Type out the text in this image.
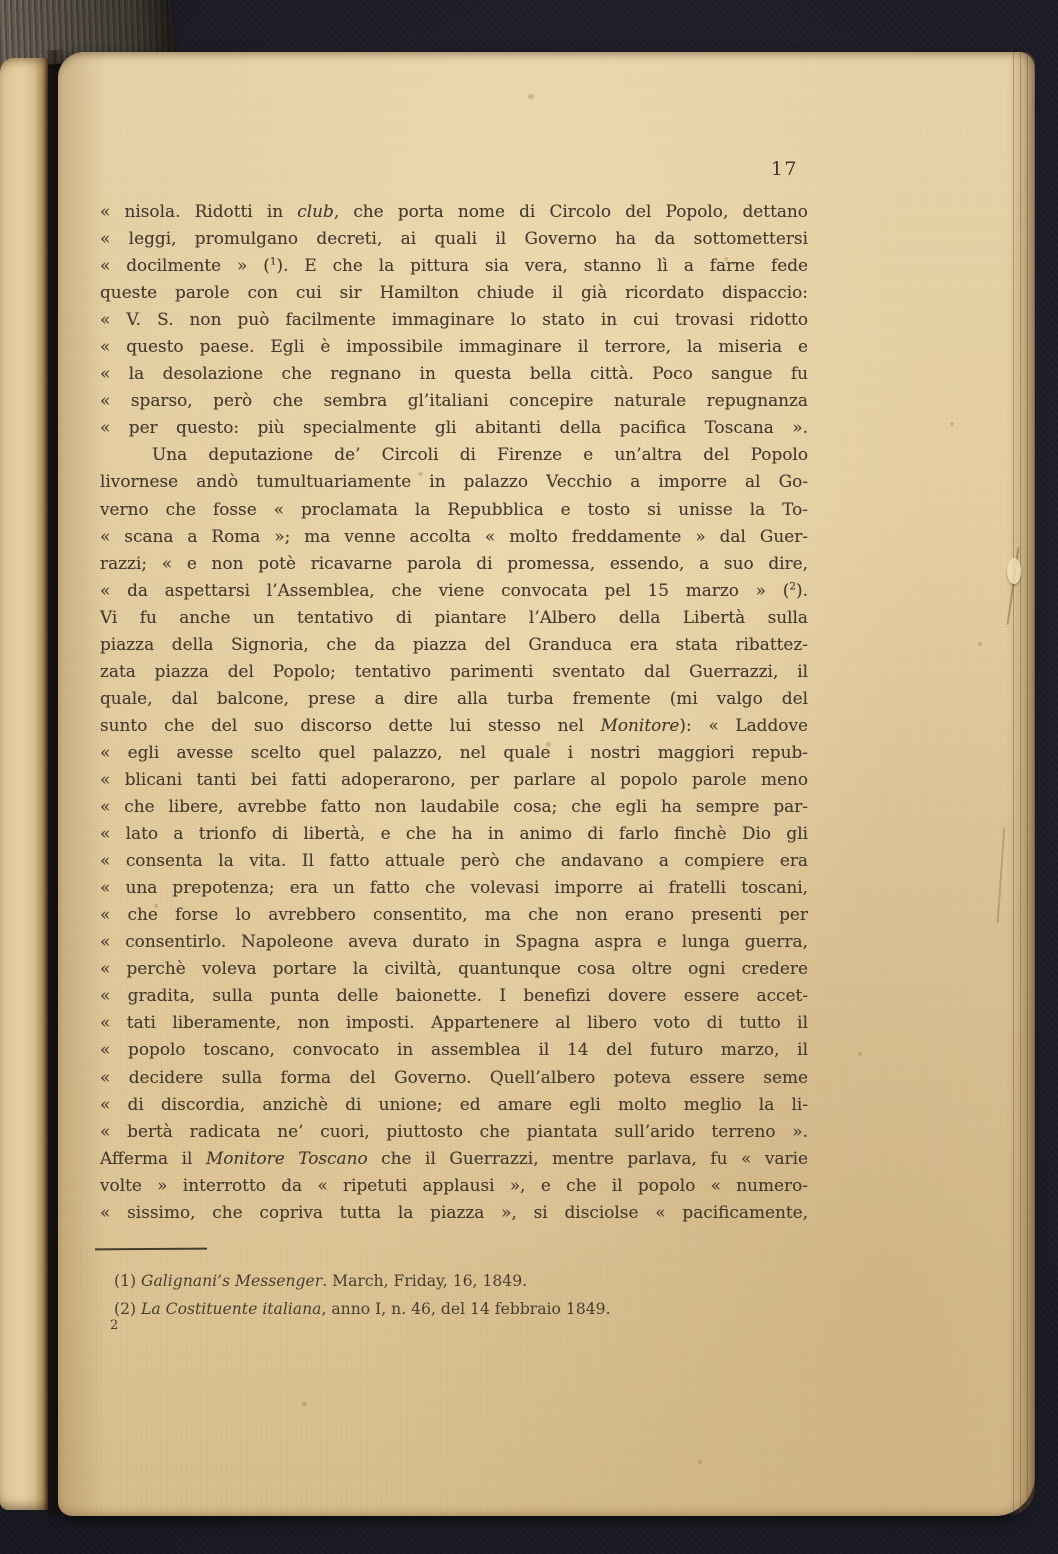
17
« nisola. Ridotti in club, che porta nome di Circolo del Popolo, dettano
« leggi, promulgano decreti, ai quali il Governo ha da sottomettersi
« docilmente » ($^1$). E che la pittura sia vera, stanno lì a farne fede
queste parole con cui sir Hamilton chiude il già ricordato dispaccio:
« V. S. non può facilmente immaginare lo stato in cui trovasi ridotto
« questo paese. Egli è impossibile immaginare il terrore, la miseria e
« la desolazione che regnano in questa bella città. Poco sangue fu
« sparso, però che sembra gl’italiani concepire naturale repugnanza
« per questo: più specialmente gli abitanti della pacifica Toscana ».
Una deputazione de’ Circoli di Firenze e un’altra del Popolo
livornese andò tumultuariamente in palazzo Vecchio a imporre al Go-
verno che fosse « proclamata la Repubblica e tosto si unisse la To-
« scana a Roma »; ma venne accolta « molto freddamente » dal Guer-
razzi; « e non potè ricavarne parola di promessa, essendo, a suo dire,
« da aspettarsi l’Assemblea, che viene convocata pel 15 marzo » ($^2$).
Vi fu anche un tentativo di piantare l’Albero della Libertà sulla
piazza della Signoria, che da piazza del Granduca era stata ribattez-
zata piazza del Popolo; tentativo parimenti sventato dal Guerrazzi, il
quale, dal balcone, prese a dire alla turba fremente (mi valgo del
sunto che del suo discorso dette lui stesso nel Monitore): « Laddove
« egli avesse scelto quel palazzo, nel quale i nostri maggiori repub-
« blicani tanti bei fatti adoperarono, per parlare al popolo parole meno
« che libere, avrebbe fatto non laudabile cosa; che egli ha sempre par-
« lato a trionfo di libertà, e che ha in animo di farlo finchè Dio gli
« consenta la vita. Il fatto attuale però che andavano a compiere era
« una prepotenza; era un fatto che volevasi imporre ai fratelli toscani,
« che forse lo avrebbero consentito, ma che non erano presenti per
« consentirlo. Napoleone aveva durato in Spagna aspra e lunga guerra,
« perchè voleva portare la civiltà, quantunque cosa oltre ogni credere
« gradita, sulla punta delle baionette. I benefizi dovere essere accet-
« tati liberamente, non imposti. Appartenere al libero voto di tutto il
« popolo toscano, convocato in assemblea il 14 del futuro marzo, il
« decidere sulla forma del Governo. Quell’albero poteva essere seme
« di discordia, anzichè di unione; ed amare egli molto meglio la li-
« bertà radicata ne’ cuori, piuttosto che piantata sull’arido terreno ».
Afferma il Monitore Toscano che il Guerrazzi, mentre parlava, fu « varie
volte » interrotto da « ripetuti applausi », e che il popolo « numero-
« sissimo, che copriva tutta la piazza », si disciolse « pacificamente,
(1) Galignani’s Messenger. March, Friday, 16, 1849.
(2) La Costituente italiana, anno I, n. 46, del 14 febbraio 1849.
2
